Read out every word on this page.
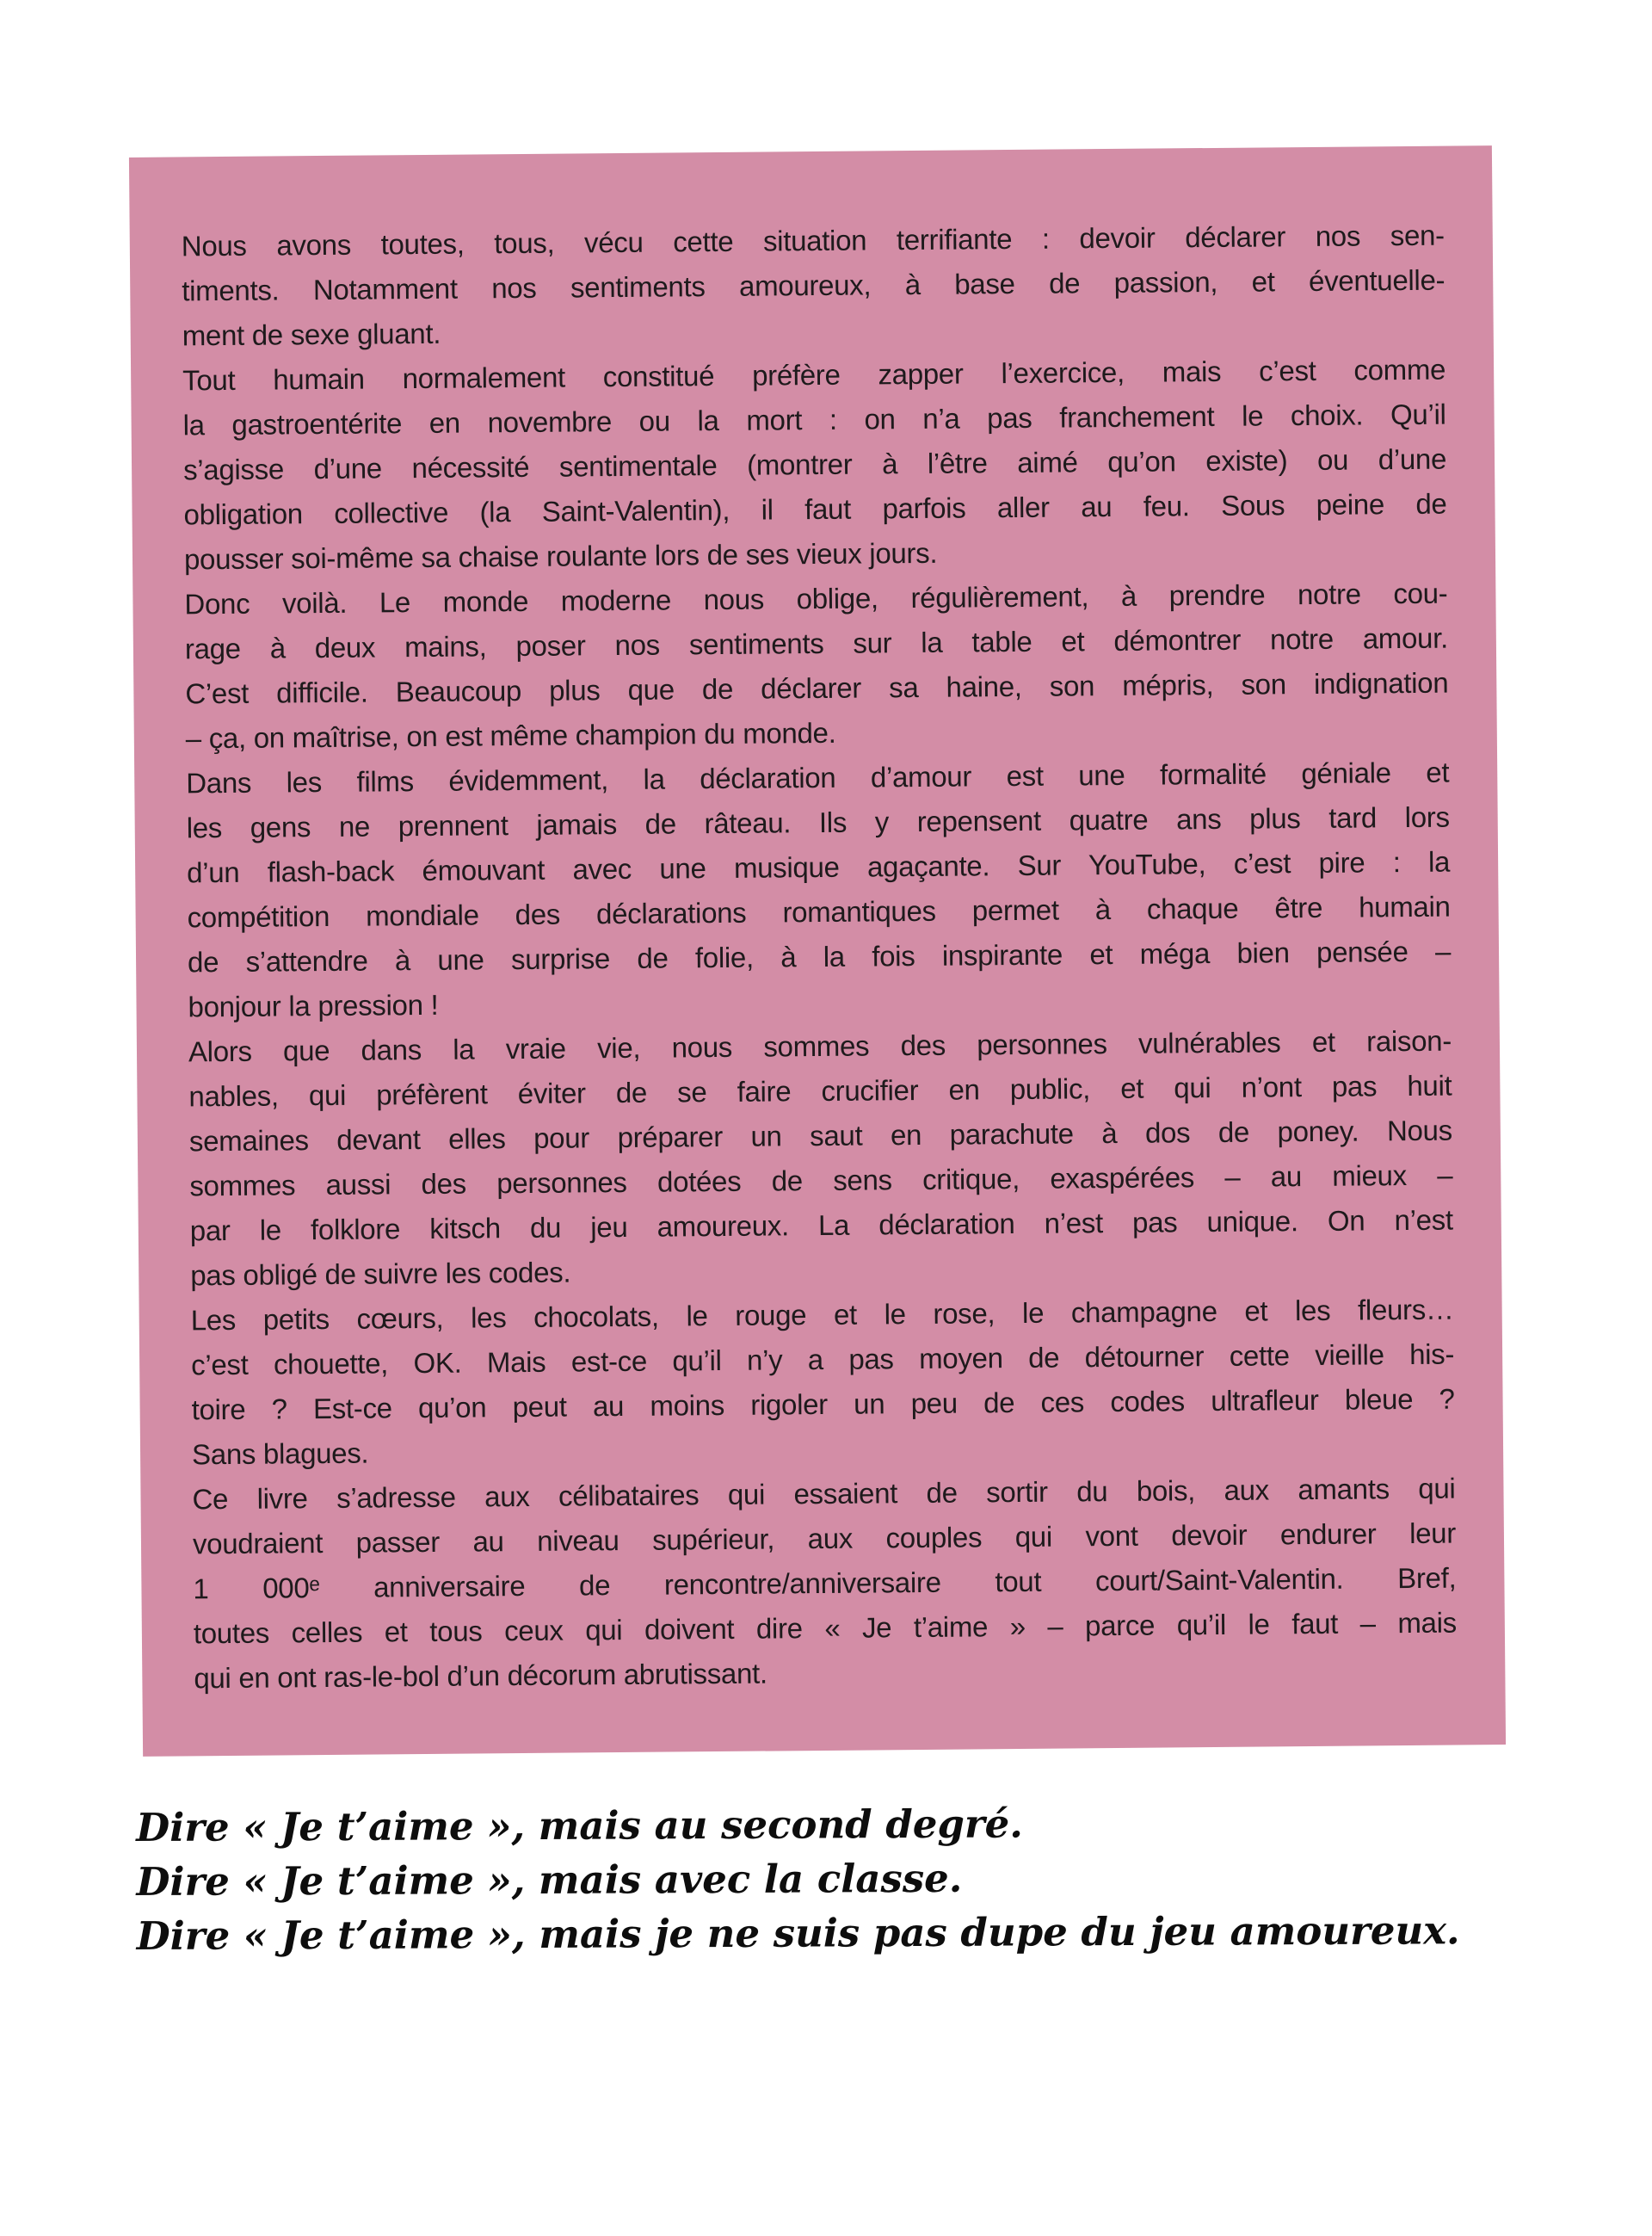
Nous avons toutes, tous, vécu cette situation terrifiante : devoir déclarer nos sen-
timents. Notamment nos sentiments amoureux, à base de passion, et éventuelle-
ment de sexe gluant.
Tout humain normalement constitué préfère zapper l’exercice, mais c’est comme
la gastroentérite en novembre ou la mort : on n’a pas franchement le choix. Qu’il
s’agisse d’une nécessité sentimentale (montrer à l’être aimé qu’on existe) ou d’une
obligation collective (la Saint-Valentin), il faut parfois aller au feu. Sous peine de
pousser soi-même sa chaise roulante lors de ses vieux jours.
Donc voilà. Le monde moderne nous oblige, régulièrement, à prendre notre cou-
rage à deux mains, poser nos sentiments sur la table et démontrer notre amour.
C’est difficile. Beaucoup plus que de déclarer sa haine, son mépris, son indignation
– ça, on maîtrise, on est même champion du monde.
Dans les films évidemment, la déclaration d’amour est une formalité géniale et
les gens ne prennent jamais de râteau. Ils y repensent quatre ans plus tard lors
d’un flash-back émouvant avec une musique agaçante. Sur YouTube, c’est pire : la
compétition mondiale des déclarations romantiques permet à chaque être humain
de s’attendre à une surprise de folie, à la fois inspirante et méga bien pensée –
bonjour la pression !
Alors que dans la vraie vie, nous sommes des personnes vulnérables et raison-
nables, qui préfèrent éviter de se faire crucifier en public, et qui n’ont pas huit
semaines devant elles pour préparer un saut en parachute à dos de poney. Nous
sommes aussi des personnes dotées de sens critique, exaspérées – au mieux –
par le folklore kitsch du jeu amoureux. La déclaration n’est pas unique. On n’est
pas obligé de suivre les codes.
Les petits cœurs, les chocolats, le rouge et le rose, le champagne et les fleurs…
c’est chouette, OK. Mais est-ce qu’il n’y a pas moyen de détourner cette vieille his-
toire ? Est-ce qu’on peut au moins rigoler un peu de ces codes ultrafleur bleue ?
Sans blagues.
Ce livre s’adresse aux célibataires qui essaient de sortir du bois, aux amants qui
voudraient passer au niveau supérieur, aux couples qui vont devoir endurer leur
1 000ᵉ anniversaire de rencontre/anniversaire tout court/Saint-Valentin. Bref,
toutes celles et tous ceux qui doivent dire « Je t’aime » – parce qu’il le faut – mais
qui en ont ras-le-bol d’un décorum abrutissant.
Dire « Je t’aime », mais au second degré.
Dire « Je t’aime », mais avec la classe.
Dire « Je t’aime », mais je ne suis pas dupe du jeu amoureux.
